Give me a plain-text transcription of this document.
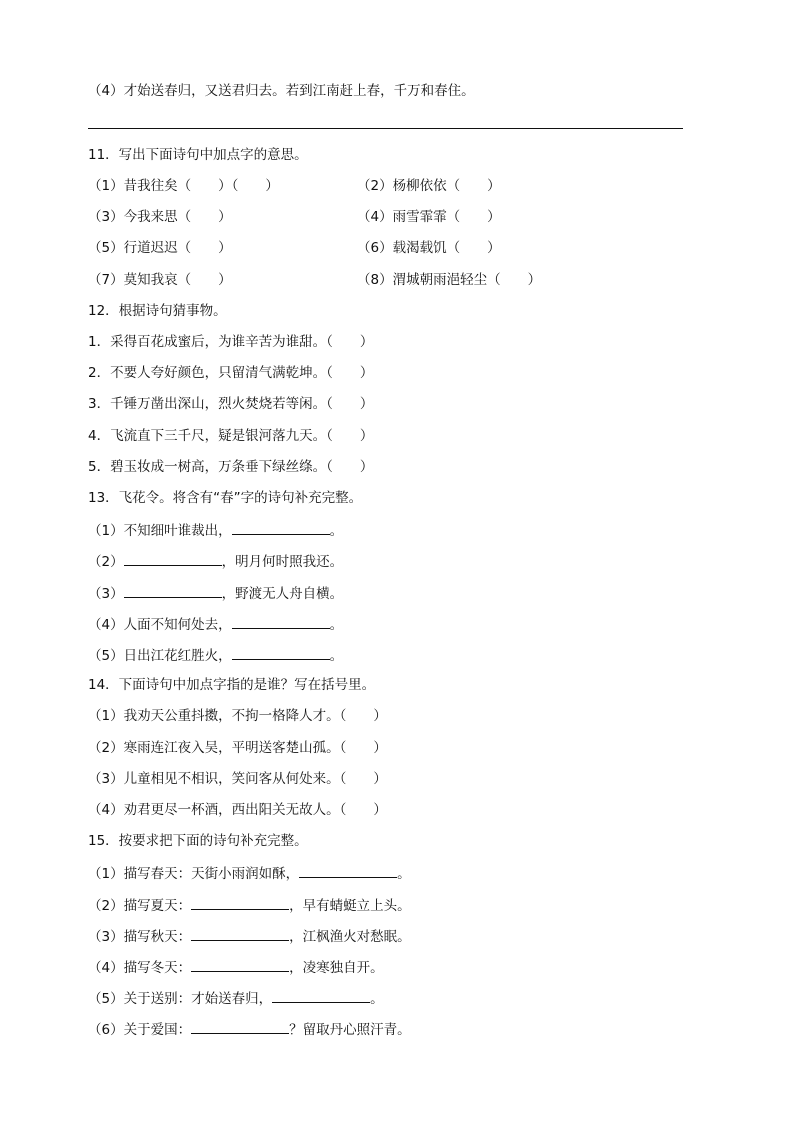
（4）才始送春归，又送君归去。若到江南赶上春，千万和春住。
11．写出下面诗句中加点字的意思。
（1）昔我往矣（　　）（　　）	（2）杨柳依依（　　）
（3）今我来思（　　）	（4）雨雪霏霏（　　）
（5）行道迟迟（　　）	（6）载渴载饥（　　）
（7）莫知我哀（　　）	（8）渭城朝雨浥轻尘（　　）
12．根据诗句猜事物。
1．采得百花成蜜后，为谁辛苦为谁甜。（　　）
2．不要人夸好颜色，只留清气满乾坤。（　　）
3．千锤万凿出深山，烈火焚烧若等闲。（　　）
4．飞流直下三千尺，疑是银河落九天。（　　）
5．碧玉妆成一树高，万条垂下绿丝绦。（　　）
13．飞花令。将含有“春”字的诗句补充完整。
（1）不知细叶谁裁出，	。
（2）	，明月何时照我还。
（3）	，野渡无人舟自横。
（4）人面不知何处去，	。
（5）日出江花红胜火，	。
14．下面诗句中加点字指的是谁？写在括号里。
（1）我劝天公重抖擞，不拘一格降人才。（　　）
（2）寒雨连江夜入吴，平明送客楚山孤。（　　）
（3）儿童相见不相识，笑问客从何处来。（　　）
（4）劝君更尽一杯酒，西出阳关无故人。（　　）
15．按要求把下面的诗句补充完整。
（1）描写春天：天街小雨润如酥，	。
（2）描写夏天：	，早有蜻蜓立上头。
（3）描写秋天：	，江枫渔火对愁眠。
（4）描写冬天：	，凌寒独自开。
（5）关于送别：才始送春归，	。
（6）关于爱国：	？留取丹心照汗青。
